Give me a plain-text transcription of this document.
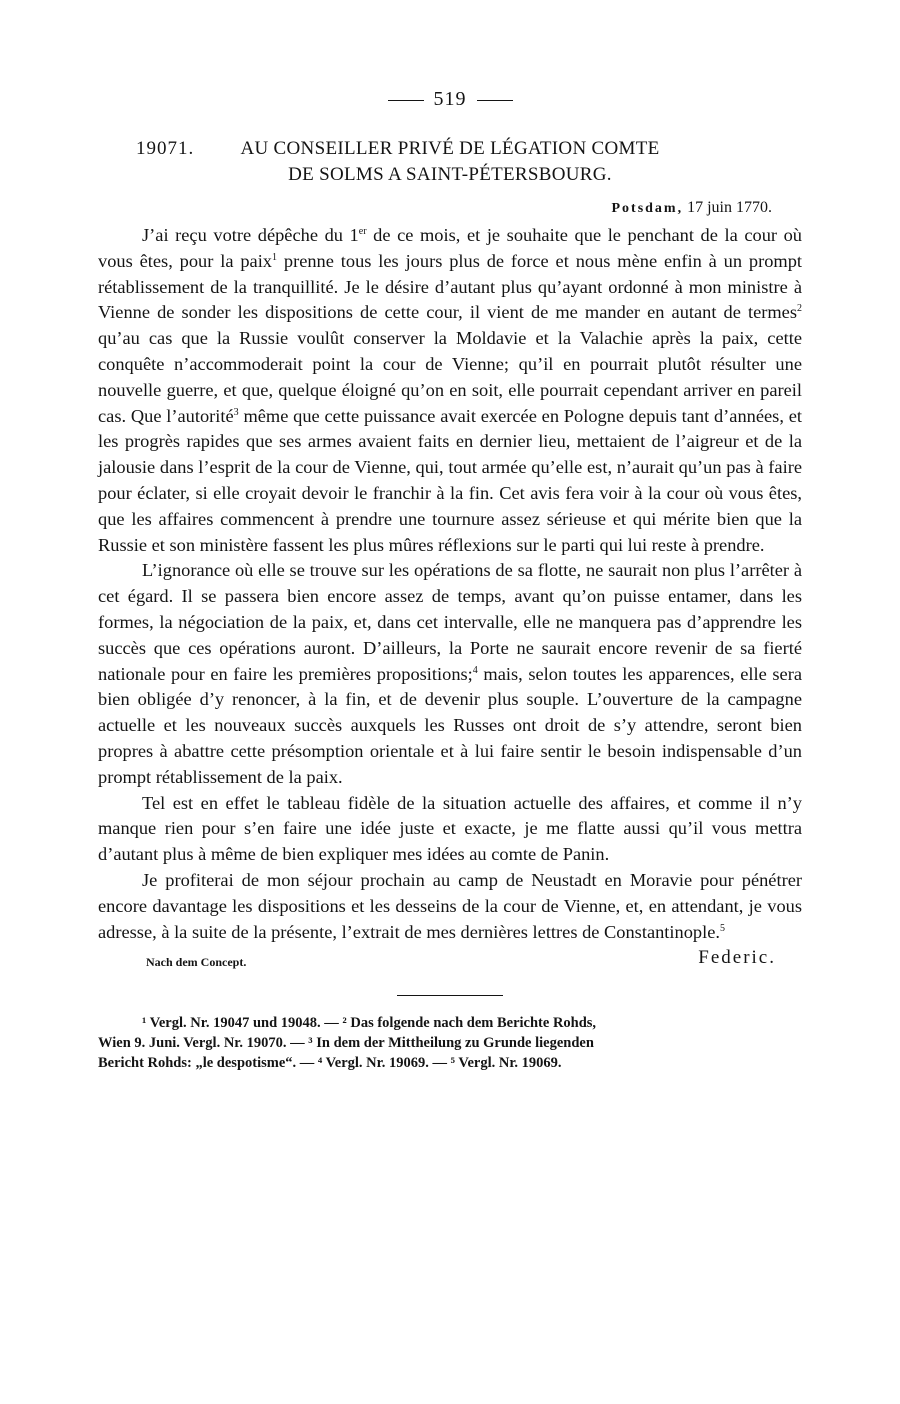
519
19071.	AU CONSEILLER PRIVÉ DE LÉGATION COMTE
DE SOLMS A SAINT-PÉTERSBOURG.
Potsdam, 17 juin 1770.

J’ai reçu votre dépêche du 1er de ce mois, et je souhaite que le penchant de la cour où vous êtes, pour la paix$^1$ prenne tous les jours plus de force et nous mène enfin à un prompt rétablissement de la tranquillité. Je le désire d’autant plus qu’ayant ordonné à mon ministre à Vienne de sonder les dispositions de cette cour, il vient de me mander en autant de termes$^2$ qu’au cas que la Russie voulût conserver la Moldavie et la Valachie après la paix, cette conquête n’accommoderait point la cour de Vienne; qu’il en pourrait plutôt résulter une nouvelle guerre, et que, quelque éloigné qu’on en soit, elle pourrait cependant arriver en pareil cas. Que l’autorité$^3$ même que cette puissance avait exercée en Pologne depuis tant d’années, et les progrès rapides que ses armes avaient faits en dernier lieu, mettaient de l’aigreur et de la jalousie dans l’esprit de la cour de Vienne, qui, tout armée qu’elle est, n’aurait qu’un pas à faire pour éclater, si elle croyait devoir le franchir à la fin. Cet avis fera voir à la cour où vous êtes, que les affaires commencent à prendre une tournure assez sérieuse et qui mérite bien que la Russie et son ministère fassent les plus mûres réflexions sur le parti qui lui reste à prendre.

L’ignorance où elle se trouve sur les opérations de sa flotte, ne saurait non plus l’arrêter à cet égard. Il se passera bien encore assez de temps, avant qu’on puisse entamer, dans les formes, la négociation de la paix, et, dans cet intervalle, elle ne manquera pas d’apprendre les succès que ces opérations auront. D’ailleurs, la Porte ne saurait encore revenir de sa fierté nationale pour en faire les premières propositions;$^4$ mais, selon toutes les apparences, elle sera bien obligée d’y renoncer, à la fin, et de devenir plus souple. L’ouverture de la campagne actuelle et les nouveaux succès auxquels les Russes ont droit de s’y attendre, seront bien propres à abattre cette présomption orientale et à lui faire sentir le besoin indispensable d’un prompt rétablissement de la paix.

Tel est en effet le tableau fidèle de la situation actuelle des affaires, et comme il n’y manque rien pour s’en faire une idée juste et exacte, je me flatte aussi qu’il vous mettra d’autant plus à même de bien expliquer mes idées au comte de Panin.

Je profiterai de mon séjour prochain au camp de Neustadt en Moravie pour pénétrer encore davantage les dispositions et les desseins de la cour de Vienne, et, en attendant, je vous adresse, à la suite de la présente, l’extrait de mes dernières lettres de Constantinople.$^5$

Nach dem Concept.	Federic.
¹ Vergl. Nr. 19047 und 19048. — ² Das folgende nach dem Berichte Rohds,
Wien 9. Juni. Vergl. Nr. 19070. — ³ In dem der Mittheilung zu Grunde liegenden
Bericht Rohds: „le despotisme“. — ⁴ Vergl. Nr. 19069. — ⁵ Vergl. Nr. 19069.
